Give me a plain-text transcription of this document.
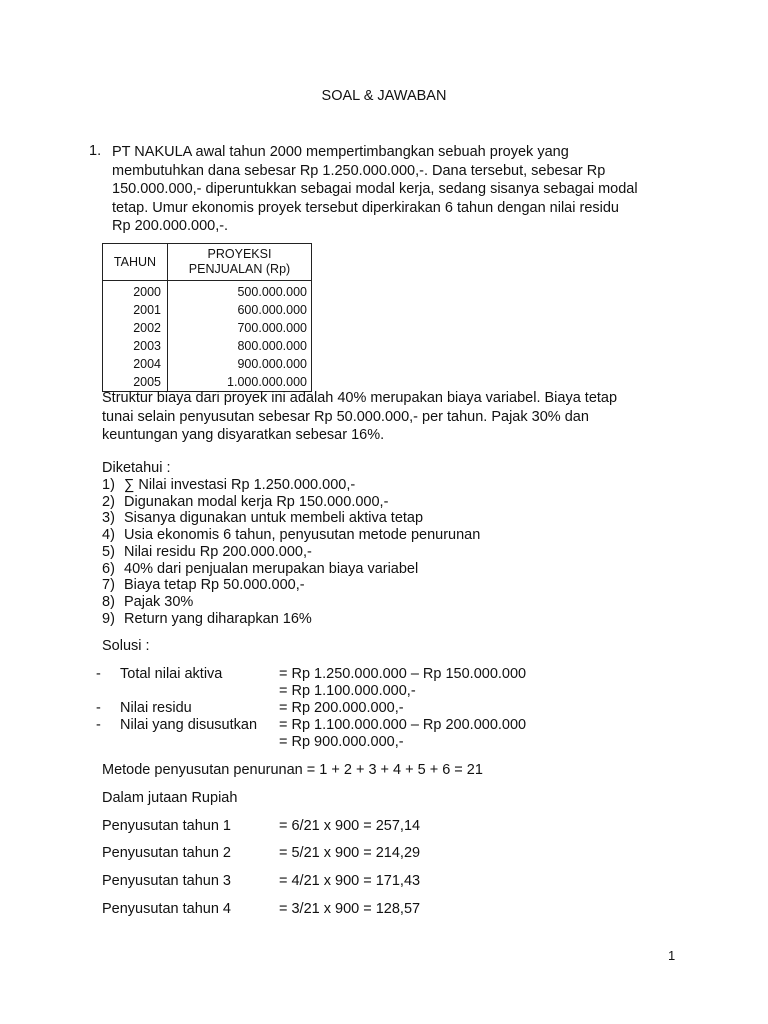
SOAL & JAWABAN
1. PT NAKULA awal tahun 2000 mempertimbangkan sebuah proyek yang
membutuhkan dana sebesar Rp 1.250.000.000,-. Dana tersebut, sebesar Rp
150.000.000,- diperuntukkan sebagai modal kerja, sedang sisanya sebagai modal
tetap. Umur ekonomis proyek tersebut diperkirakan 6 tahun dengan nilai residu
Rp 200.000.000,-.
TAHUN	PROYEKSI
PENJUALAN (Rp)

2000	500.000.000
2001	600.000.000
2002	700.000.000
2003	800.000.000
2004	900.000.000
2005	1.000.000.000
Struktur biaya dari proyek ini adalah 40% merupakan biaya variabel. Biaya tetap
tunai selain penyusutan sebesar Rp 50.000.000,- per tahun. Pajak 30% dan
keuntungan yang disyaratkan sebesar 16%.
Diketahui :
1) ∑ Nilai investasi Rp 1.250.000.000,-
2) Digunakan modal kerja Rp 150.000.000,-
3) Sisanya digunakan untuk membeli aktiva tetap
4) Usia ekonomis 6 tahun, penyusutan metode penurunan
5) Nilai residu Rp 200.000.000,-
6) 40% dari penjualan merupakan biaya variabel
7) Biaya tetap Rp 50.000.000,-
8) Pajak 30%
9) Return yang diharapkan 16%
Solusi :
- Total nilai aktiva	= Rp 1.250.000.000 – Rp 150.000.000
= Rp 1.100.000.000,-
- Nilai residu	= Rp 200.000.000,-
- Nilai yang disusutkan = Rp 1.100.000.000 – Rp 200.000.000
= Rp 900.000.000,-
Metode penyusutan penurunan = 1 + 2 + 3 + 4 + 5 + 6 = 21
Dalam jutaan Rupiah
Penyusutan tahun 1	= 6/21 x 900 = 257,14
Penyusutan tahun 2	= 5/21 x 900 = 214,29
Penyusutan tahun 3	= 4/21 x 900 = 171,43
Penyusutan tahun 4	= 3/21 x 900 = 128,57
1
